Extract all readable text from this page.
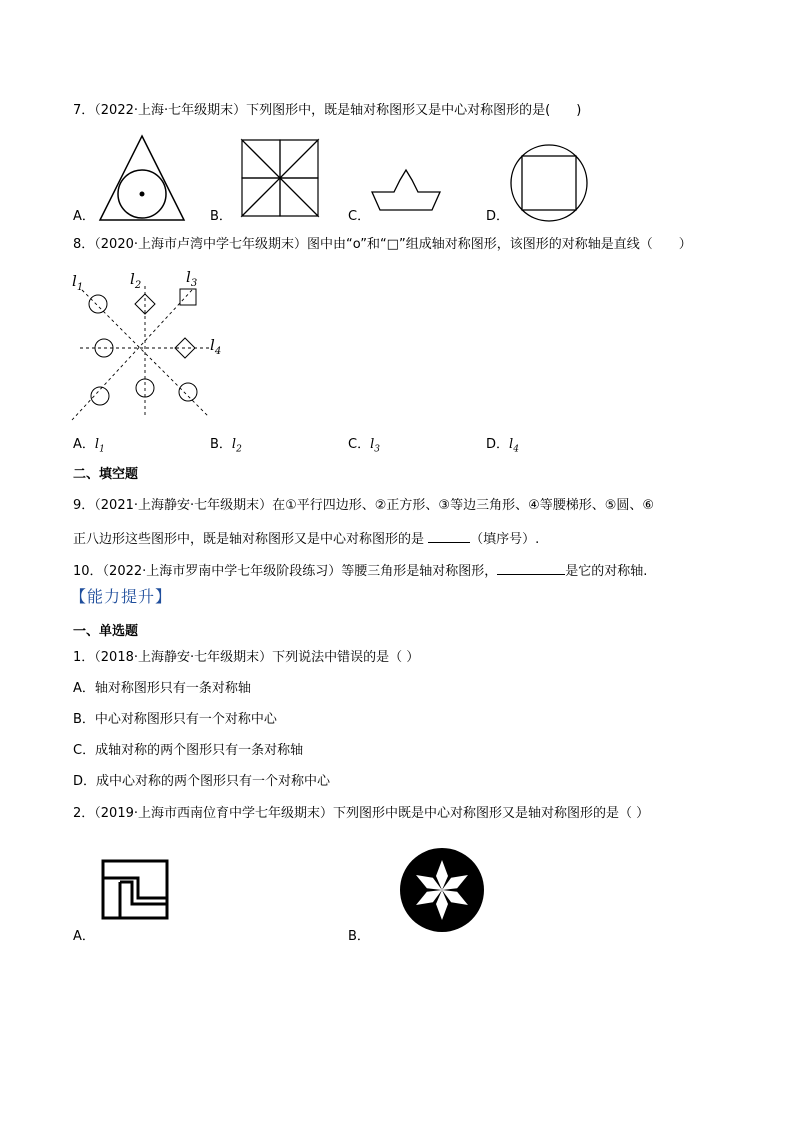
7．（2022·上海·七年级期末）下列图形中，既是轴对称图形又是中心对称图形的是(　　)
A．	B．	C．	D．
8．（2020·上海市卢湾中学七年级期末）图中由“o”和“□”组成轴对称图形，该图形的对称轴是直线（　　）
$l_1$	$l_2$	$l_3$
$l_4$
A．$l_1$	B．$l_2$	C．$l_3$	D．$l_4$
二、填空题
9．（2021·上海静安·七年级期末）在①平行四边形、②正方形、③等边三角形、④等腰梯形、⑤圆、⑥
正八边形这些图形中，既是轴对称图形又是中心对称图形的是	（填序号）.
10．（2022·上海市罗南中学七年级阶段练习）等腰三角形是轴对称图形，	是它的对称轴.
【能力提升】
一、单选题
1．（2018·上海静安·七年级期末）下列说法中错误的是（ ）
A．轴对称图形只有一条对称轴
B．中心对称图形只有一个对称中心
C．成轴对称的两个图形只有一条对称轴
D．成中心对称的两个图形只有一个对称中心
2．（2019·上海市西南位育中学七年级期末）下列图形中既是中心对称图形又是轴对称图形的是（ ）
A．	B．
